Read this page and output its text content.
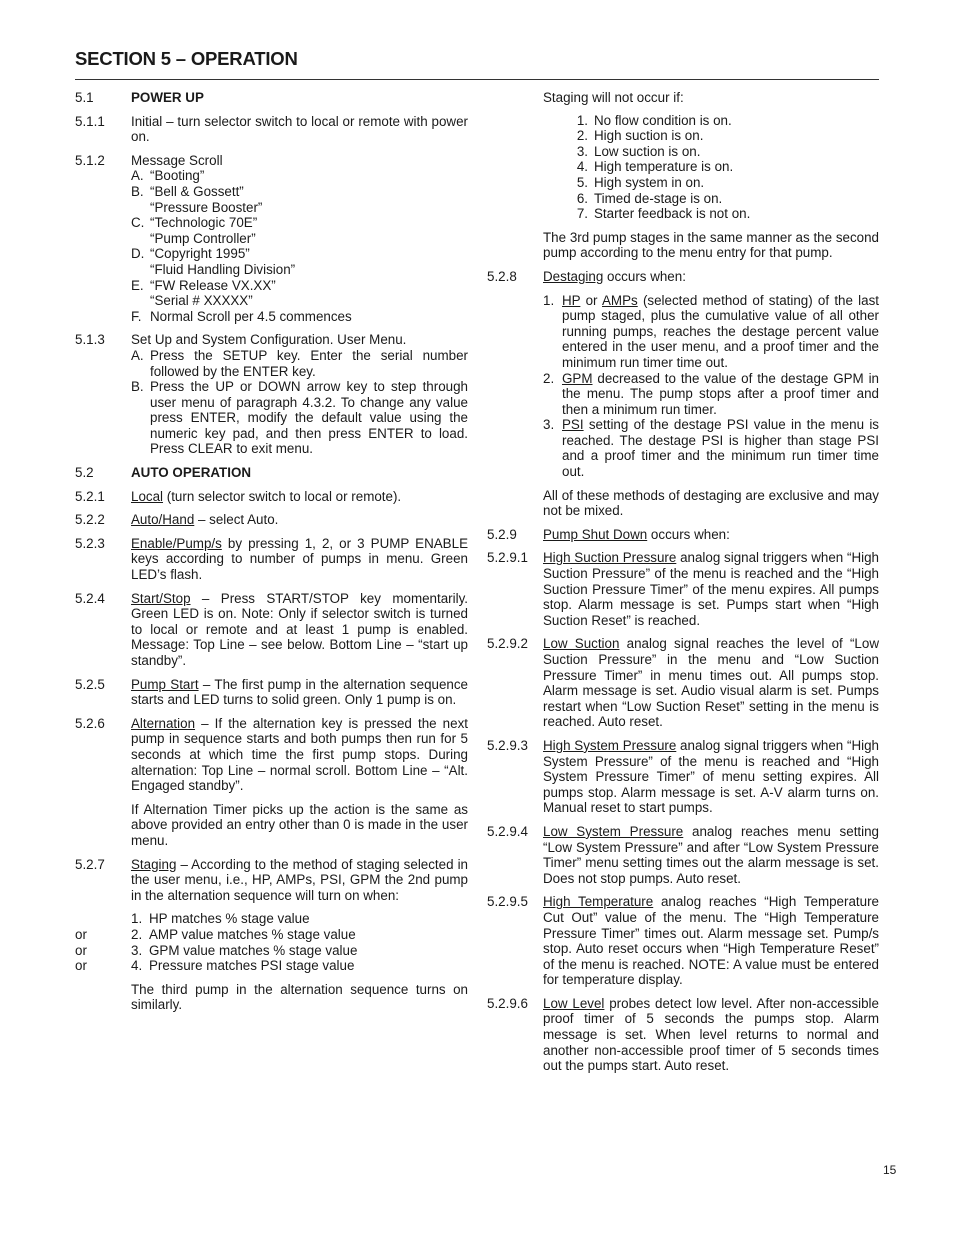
SECTION 5 – OPERATION
5.1	POWER UP
5.1.1	Initial – turn selector switch to local or remote with power on.
5.1.2	Message Scroll
A. “Booting”
B. “Bell & Gossett”
“Pressure Booster”
C. “Technologic 70E”
“Pump Controller”
D. “Copyright 1995”
“Fluid Handling Division”
E. “FW Release VX.XX”
“Serial # XXXXX”
F. Normal Scroll per 4.5 commences
5.1.3	Set Up and System Configuration. User Menu.
A. Press the SETUP key. Enter the serial number followed by the ENTER key.
B. Press the UP or DOWN arrow key to step through user menu of paragraph 4.3.2. To change any value press ENTER, modify the default value using the numeric key pad, and then press ENTER to load. Press CLEAR to exit menu.
5.2	AUTO OPERATION
5.2.1	Local (turn selector switch to local or remote).
5.2.2	Auto/Hand – select Auto.
5.2.3	Enable/Pump/s by pressing 1, 2, or 3 PUMP ENABLE keys according to number of pumps in menu. Green LED’s flash.
5.2.4	Start/Stop – Press START/STOP key momentarily. Green LED is on. Note: Only if selector switch is turned to local or remote and at least 1 pump is enabled. Message: Top Line – see below. Bottom Line – “start up standby”.
5.2.5	Pump Start – The first pump in the alternation sequence starts and LED turns to solid green. Only 1 pump is on.
5.2.6	Alternation – If the alternation key is pressed the next pump in sequence starts and both pumps then run for 5 seconds at which time the first pump stops. During alternation: Top Line – normal scroll. Bottom Line – “Alt. Engaged standby”.
If Alternation Timer picks up the action is the same as above provided an entry other than 0 is made in the user menu.
5.2.7	Staging – According to the method of staging selected in the user menu, i.e., HP, AMPs, PSI, GPM the 2nd pump in the alternation sequence will turn on when:
1. HP matches % stage value
or	2. AMP value matches % stage value
or	3. GPM value matches % stage value
or	4. Pressure matches PSI stage value
The third pump in the alternation sequence turns on similarly.
Staging will not occur if:
1. No flow condition is on.
2. High suction is on.
3. Low suction is on.
4. High temperature is on.
5. High system in on.
6. Timed de-stage is on.
7. Starter feedback is not on.
The 3rd pump stages in the same manner as the second pump according to the menu entry for that pump.
5.2.8	Destaging occurs when:
1. HP or AMPs (selected method of stating) of the last pump staged, plus the cumulative value of all other running pumps, reaches the destage percent value entered in the user menu, and a proof timer and the minimum run timer time out.
2. GPM decreased to the value of the destage GPM in the menu. The pump stops after a proof timer and then a minimum run timer.
3. PSI setting of the destage PSI value in the menu is reached. The destage PSI is higher than stage PSI and a proof timer and the minimum run timer time out.
All of these methods of destaging are exclusive and may not be mixed.
5.2.9	Pump Shut Down occurs when:
5.2.9.1	High Suction Pressure analog signal triggers when “High Suction Pressure” of the menu is reached and the “High Suction Pressure Timer” of the menu expires. All pumps stop. Alarm message is set. Pumps start when “High Suction Reset” is reached.
5.2.9.2	Low Suction analog signal reaches the level of “Low Suction Pressure” in the menu and “Low Suction Pressure Timer” in menu times out. All pumps stop. Alarm message is set. Audio visual alarm is set. Pumps restart when “Low Suction Reset” setting in the menu is reached. Auto reset.
5.2.9.3	High System Pressure analog signal triggers when “High System Pressure” of the menu is reached and “High System Pressure Timer” of menu setting expires. All pumps stop. Alarm message is set. A-V alarm turns on. Manual reset to start pumps.
5.2.9.4	Low System Pressure analog reaches menu setting “Low System Pressure” and after “Low System Pressure Timer” menu setting times out the alarm message is set. Does not stop pumps. Auto reset.
5.2.9.5	High Temperature analog reaches “High Temperature Cut Out” value of the menu. The “High Temperature Pressure Timer” times out. Alarm message set. Pump/s stop. Auto reset occurs when “High Temperature Reset” of the menu is reached. NOTE: A value must be entered for temperature display.
5.2.9.6	Low Level probes detect low level. After non-accessible proof timer of 5 seconds the pumps stop. Alarm message is set. When level returns to normal and another non-accessible proof timer of 5 seconds times out the pumps start. Auto reset.
15
